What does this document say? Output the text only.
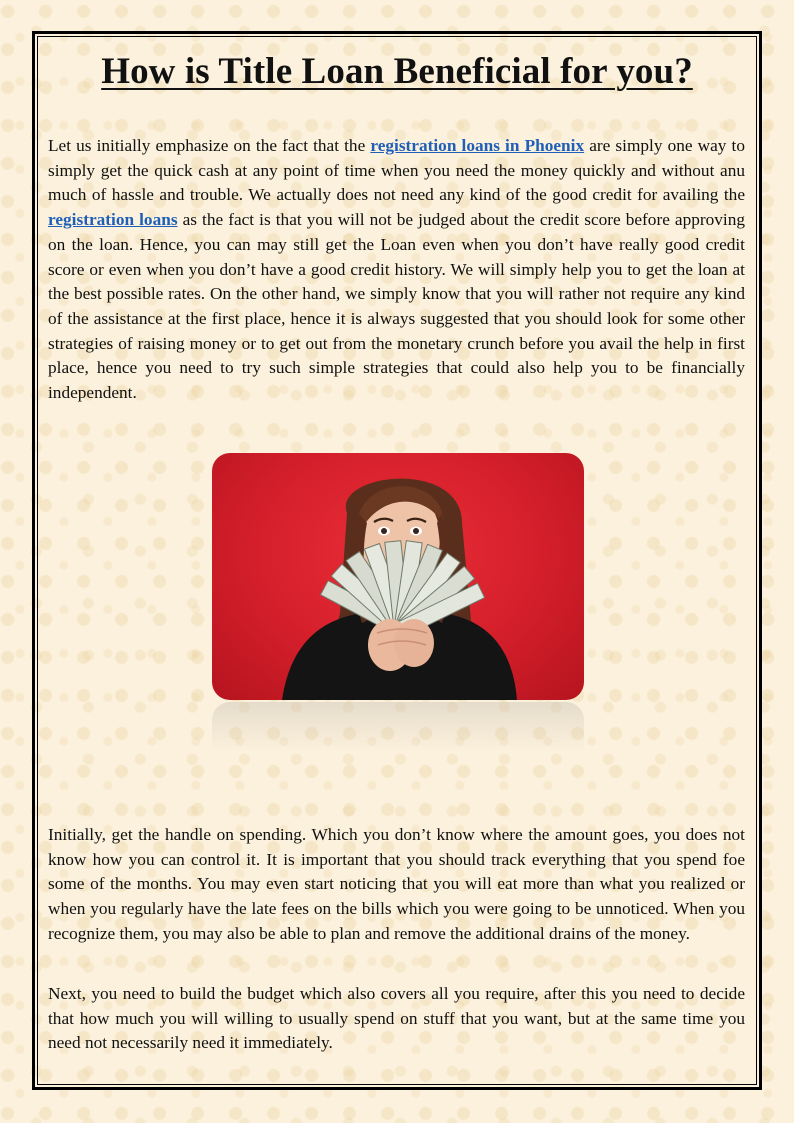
How is Title Loan Beneficial for you?

Let us initially emphasize on the fact that the registration loans in Phoenix are simply one way to simply get the quick cash at any point of time when you need the money quickly and without anu much of hassle and trouble. We actually does not need any kind of the good credit for availing the registration loans as the fact is that you will not be judged about the credit score before approving on the loan. Hence, you can may still get the Loan even when you don’t have really good credit score or even when you don’t have a good credit history. We will simply help you to get the loan at the best possible rates. On the other hand, we simply know that you will rather not require any kind of the assistance at the first place, hence it is always suggested that you should look for some other strategies of raising money or to get out from the monetary crunch before you avail the help in first place, hence you need to try such simple strategies that could also help you to be financially independent.

Initially, get the handle on spending. Which you don’t know where the amount goes, you does not know how you can control it. It is important that you should track everything that you spend foe some of the months. You may even start noticing that you will eat more than what you realized or when you regularly have the late fees on the bills which you were going to be unnoticed. When you recognize them, you may also be able to plan and remove the additional drains of the money.

Next, you need to build the budget which also covers all you require, after this you need to decide that how much you will willing to usually spend on stuff that you want, but at the same time you need not necessarily need it immediately.
